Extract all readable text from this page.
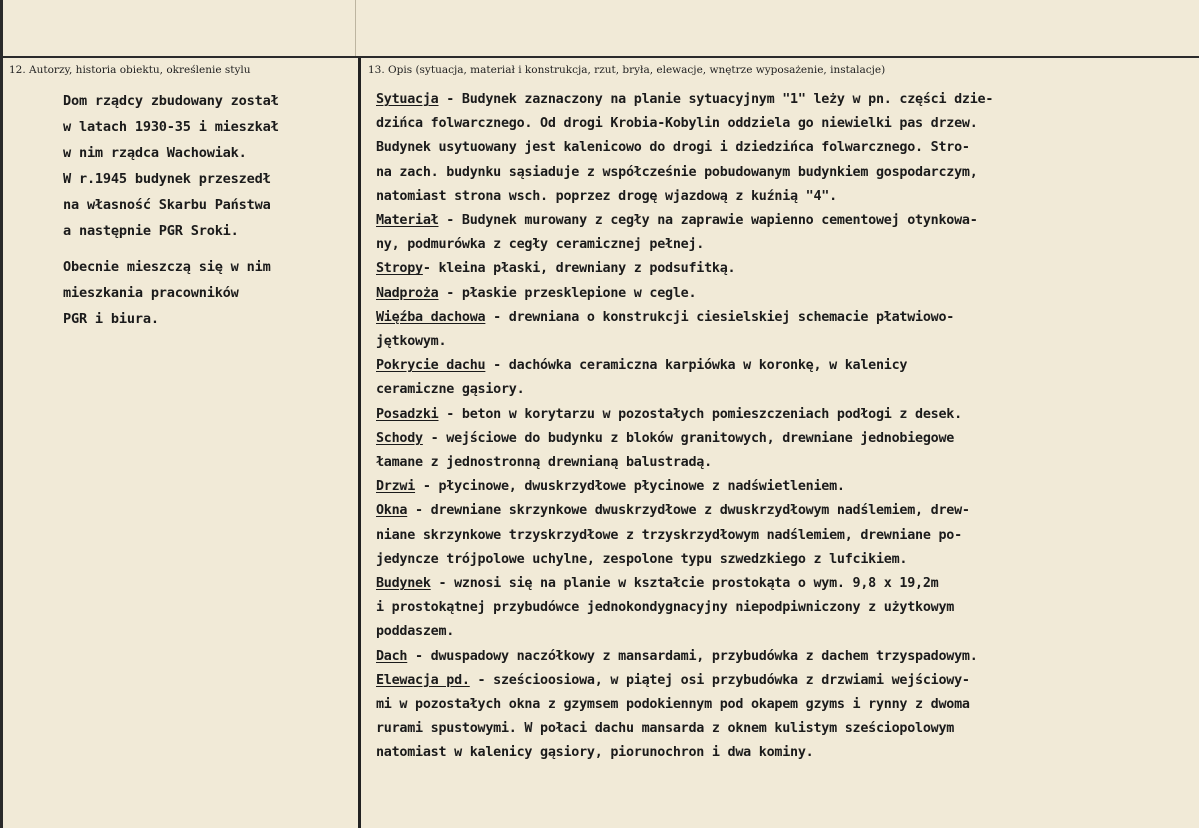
12. Autorzy, historia obiektu, określenie stylu	13. Opis (sytuacja, materiał i konstrukcja, rzut, bryła, elewacje, wnętrze wyposażenie, instalacje)

Dom rządcy zbudowany został
w latach 1930-35 i mieszkał
w nim rządca Wachowiak.
W r.1945 budynek przeszedł
na własność Skarbu Państwa
a następnie PGR Sroki.

Obecnie mieszczą się w nim
mieszkania pracowników
PGR i biura.

Sytuacja - Budynek zaznaczony na planie sytuacyjnym "1" leży w pn. części dzie-
dzińca folwarcznego. Od drogi Krobia-Kobylin oddziela go niewielki pas drzew.
Budynek usytuowany jest kalenicowo do drogi i dziedzińca folwarcznego. Stro-
na zach. budynku sąsiaduje z współcześnie pobudowanym budynkiem gospodarczym,
natomiast strona wsch. poprzez drogę wjazdową z kuźnią "4".
Materiał - Budynek murowany z cegły na zaprawie wapienno cementowej otynkowa-
ny, podmurówka z cegły ceramicznej pełnej.
Stropy- kleina płaski, drewniany z podsufitką.
Nadproża - płaskie przesklepione w cegle.
Więźba dachowa - drewniana o konstrukcji ciesielskiej schemacie płatwiowo-
jętkowym.
Pokrycie dachu - dachówka ceramiczna karpiówka w koronkę, w kalenicy
ceramiczne gąsiory.
Posadzki - beton w korytarzu w pozostałych pomieszczeniach podłogi z desek.
Schody - wejściowe do budynku z bloków granitowych, drewniane jednobiegowe
łamane z jednostronną drewnianą balustradą.
Drzwi - płycinowe, dwuskrzydłowe płycinowe z nadświetleniem.
Okna - drewniane skrzynkowe dwuskrzydłowe z dwuskrzydłowym nadślemiem, drew-
niane skrzynkowe trzyskrzydłowe z trzyskrzydłowym nadślemiem, drewniane po-
jedyncze trójpolowe uchylne, zespolone typu szwedzkiego z lufcikiem.
Budynek - wznosi się na planie w kształcie prostokąta o wym. 9,8 x 19,2m
i prostokątnej przybudówce jednokondygnacyjny niepodpiwniczony z użytkowym
poddaszem.
Dach - dwuspadowy naczółkowy z mansardami, przybudówka z dachem trzyspadowym.
Elewacja pd. - sześcioosiowa, w piątej osi przybudówka z drzwiami wejściowy-
mi w pozostałych okna z gzymsem podokiennym pod okapem gzyms i rynny z dwoma
rurami spustowymi. W połaci dachu mansarda z oknem kulistym sześciopolowym
natomiast w kalenicy gąsiory, piorunochron i dwa kominy.
